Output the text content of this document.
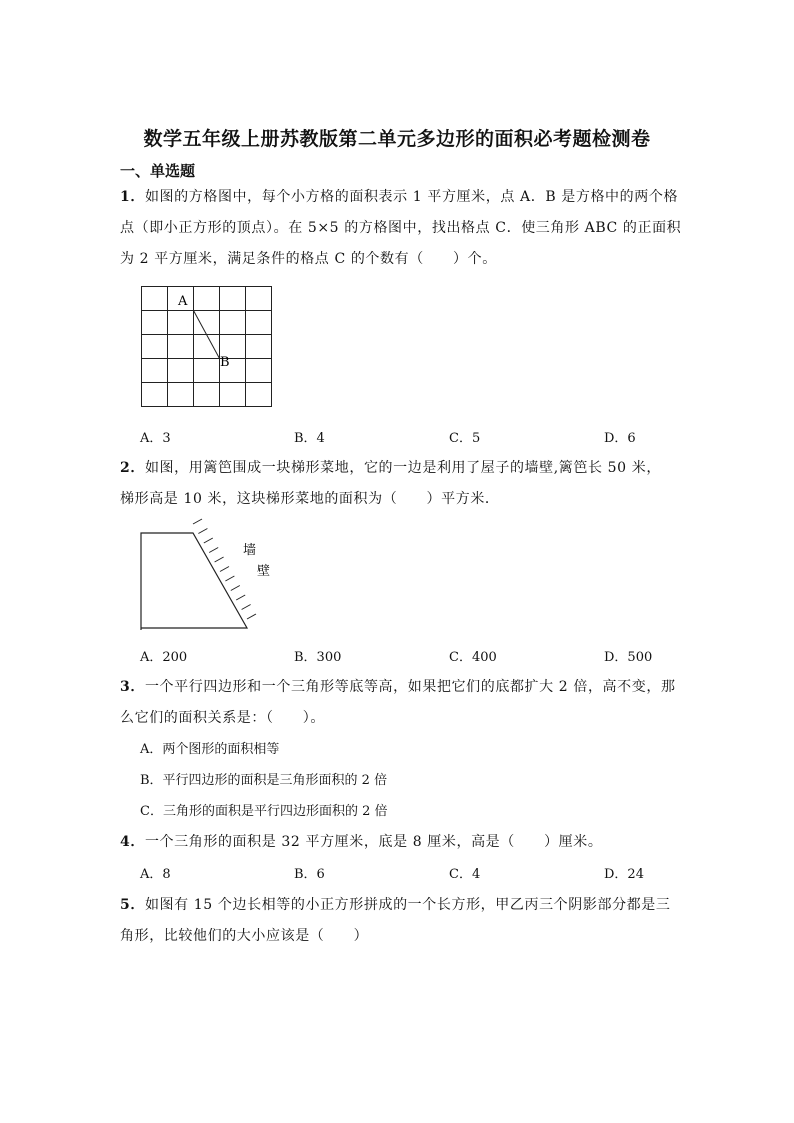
数学五年级上册苏教版第二单元多边形的面积必考题检测卷
一、单选题
1．如图的方格图中，每个小方格的面积表示 1 平方厘米，点 A．B 是方格中的两个格
点（即小正方形的顶点）。在 5×5 的方格图中，找出格点 C．使三角形 ABC 的正面积
为 2 平方厘米，满足条件的格点 C 的个数有（　　）个。
A
B
A．3	B．4	C．5	D．6
2．如图，用篱笆围成一块梯形菜地，它的一边是利用了屋子的墙壁,篱笆长 50 米，
梯形高是 10 米，这块梯形菜地的面积为（　　）平方米．
墙
壁
A．200	B．300	C．400	D．500
3．一个平行四边形和一个三角形等底等高，如果把它们的底都扩大 2 倍，高不变，那
么它们的面积关系是：（　　）。
A．两个图形的面积相等
B．平行四边形的面积是三角形面积的 2 倍
C．三角形的面积是平行四边形面积的 2 倍
4．一个三角形的面积是 32 平方厘米，底是 8 厘米，高是（　　）厘米。
A．8	B．6	C．4	D．24
5．如图有 15 个边长相等的小正方形拼成的一个长方形，甲乙丙三个阴影部分都是三
角形，比较他们的大小应该是（　　）
